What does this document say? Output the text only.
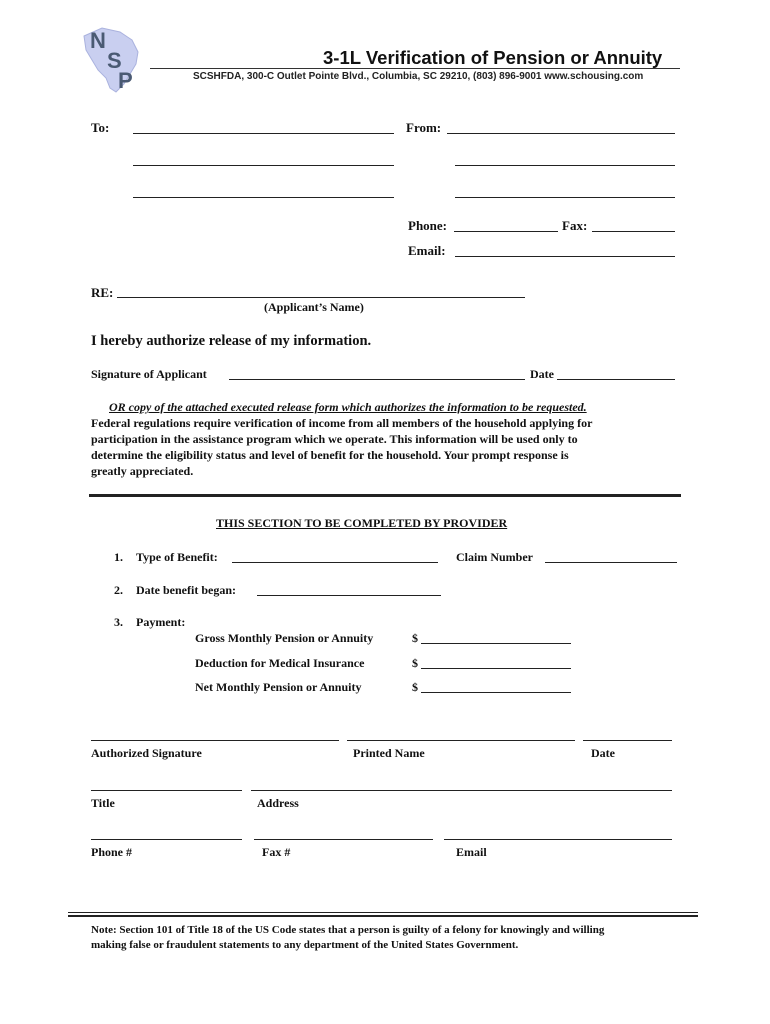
N
S
P
3-1L Verification of Pension or Annuity
SCSHFDA, 300-C Outlet Pointe Blvd., Columbia, SC 29210, (803) 896-9001 www.schousing.com
To:	From:
Phone:	Fax:
Email:
RE:
(Applicant’s Name)
I hereby authorize release of my information.
Signature of Applicant	Date
OR copy of the attached executed release form which authorizes the information to be requested.
Federal regulations require verification of income from all members of the household applying for
participation in the assistance program which we operate. This information will be used only to
determine the eligibility status and level of benefit for the household. Your prompt response is
greatly appreciated.
THIS SECTION TO BE COMPLETED BY PROVIDER
1. Type of Benefit:	Claim Number
2. Date benefit began:
3. Payment:
Gross Monthly Pension or Annuity	$
Deduction for Medical Insurance	$
Net Monthly Pension or Annuity	$
Authorized Signature	Printed Name	Date
Title	Address
Phone #	Fax #	Email
Note: Section 101 of Title 18 of the US Code states that a person is guilty of a felony for knowingly and willing
making false or fraudulent statements to any department of the United States Government.
